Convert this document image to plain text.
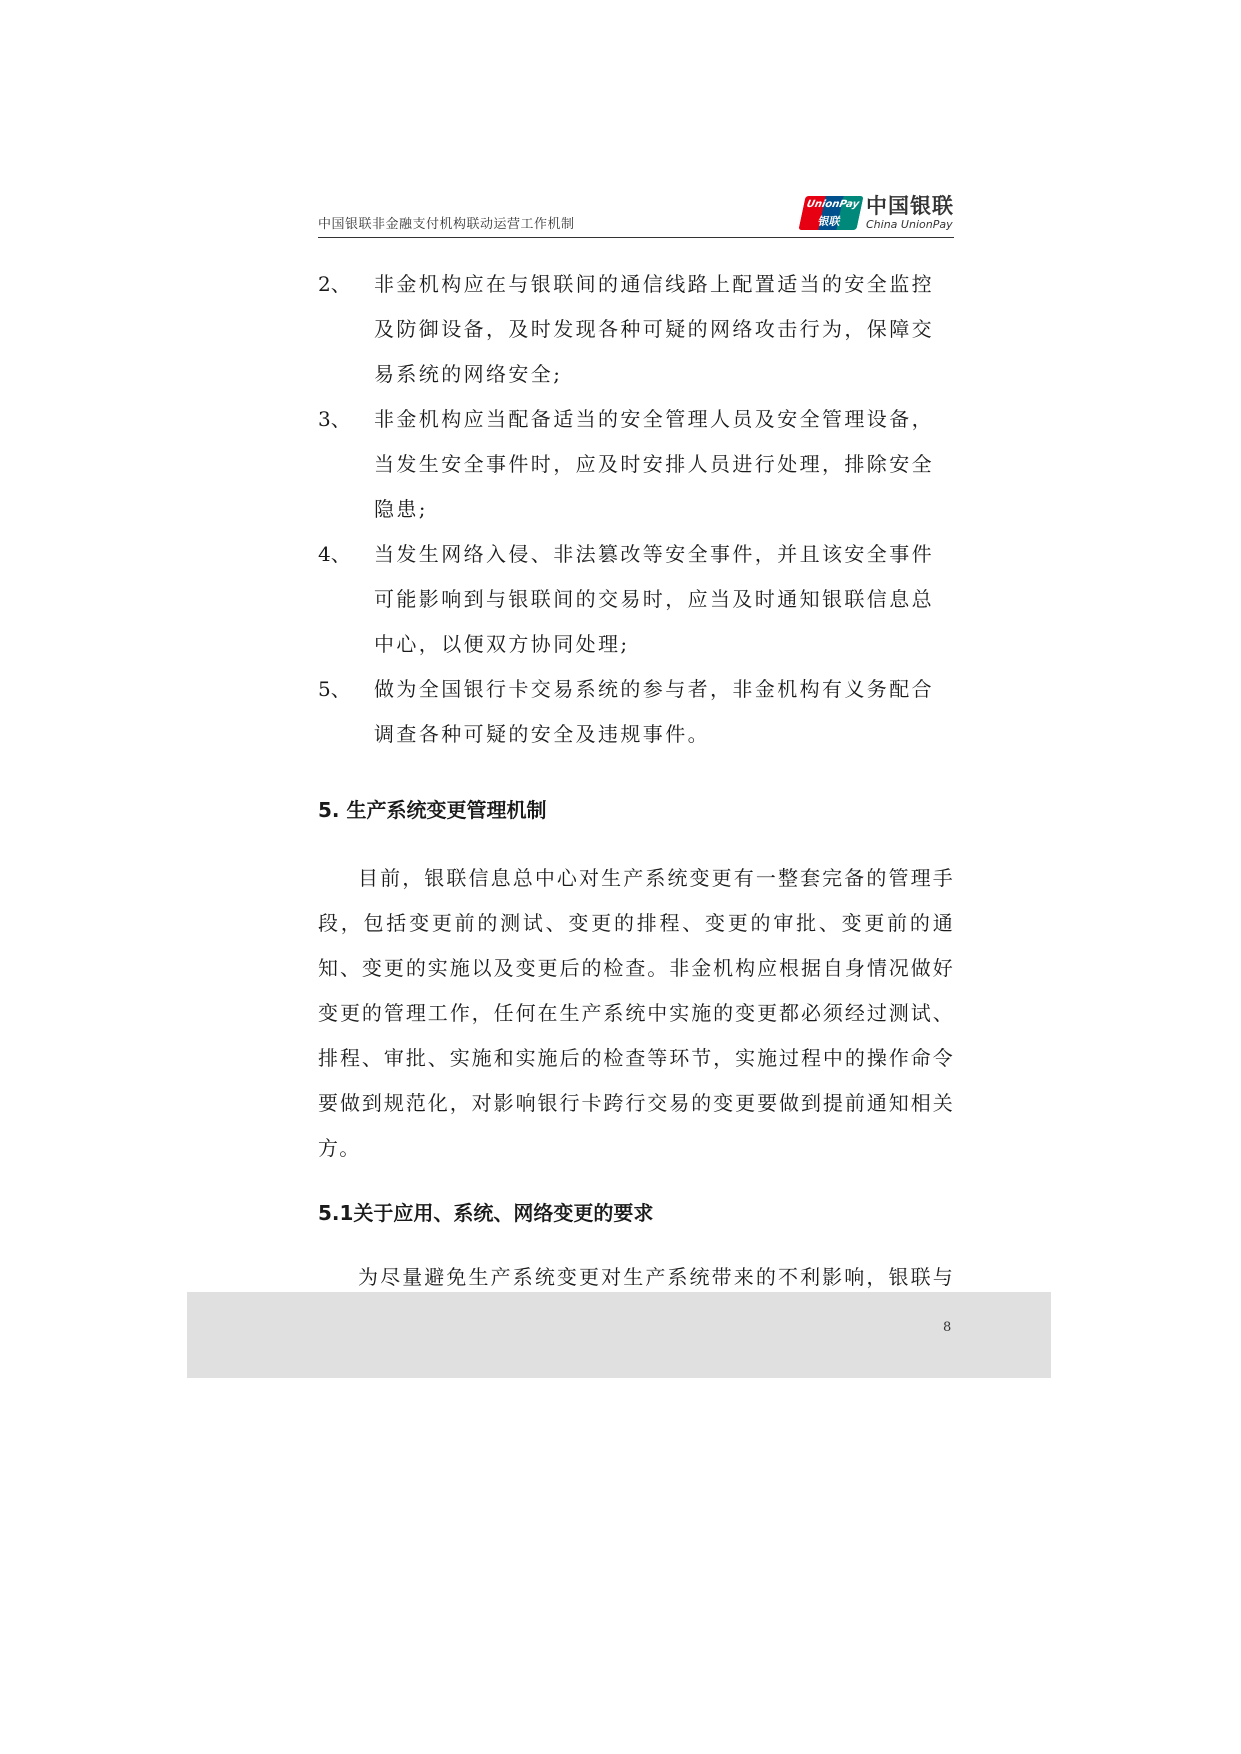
中国银联非金融支付机构联动运营工作机制
UnionPay
银联
中国银联
China UnionPay
2、 非金机构应在与银联间的通信线路上配置适当的安全监控及防御设备，及时发现各种可疑的网络攻击行为，保障交易系统的网络安全;
3、 非金机构应当配备适当的安全管理人员及安全管理设备，当发生安全事件时，应及时安排人员进行处理，排除安全隐患;
4、 当发生网络入侵、非法篡改等安全事件，并且该安全事件可能影响到与银联间的交易时，应当及时通知银联信息总中心，以便双方协同处理;
5、 做为全国银行卡交易系统的参与者，非金机构有义务配合调查各种可疑的安全及违规事件。
5. 生产系统变更管理机制

目前，银联信息总中心对生产系统变更有一整套完备的管理手段，包括变更前的测试、变更的排程、变更的审批、变更前的通知、变更的实施以及变更后的检查。非金机构应根据自身情况做好变更的管理工作，任何在生产系统中实施的变更都必须经过测试、排程、审批、实施和实施后的检查等环节，实施过程中的操作命令要做到规范化，对影响银行卡跨行交易的变更要做到提前通知相关方。

5.1关于应用、系统、网络变更的要求

为尽量避免生产系统变更对生产系统带来的不利影响，银联与

8
